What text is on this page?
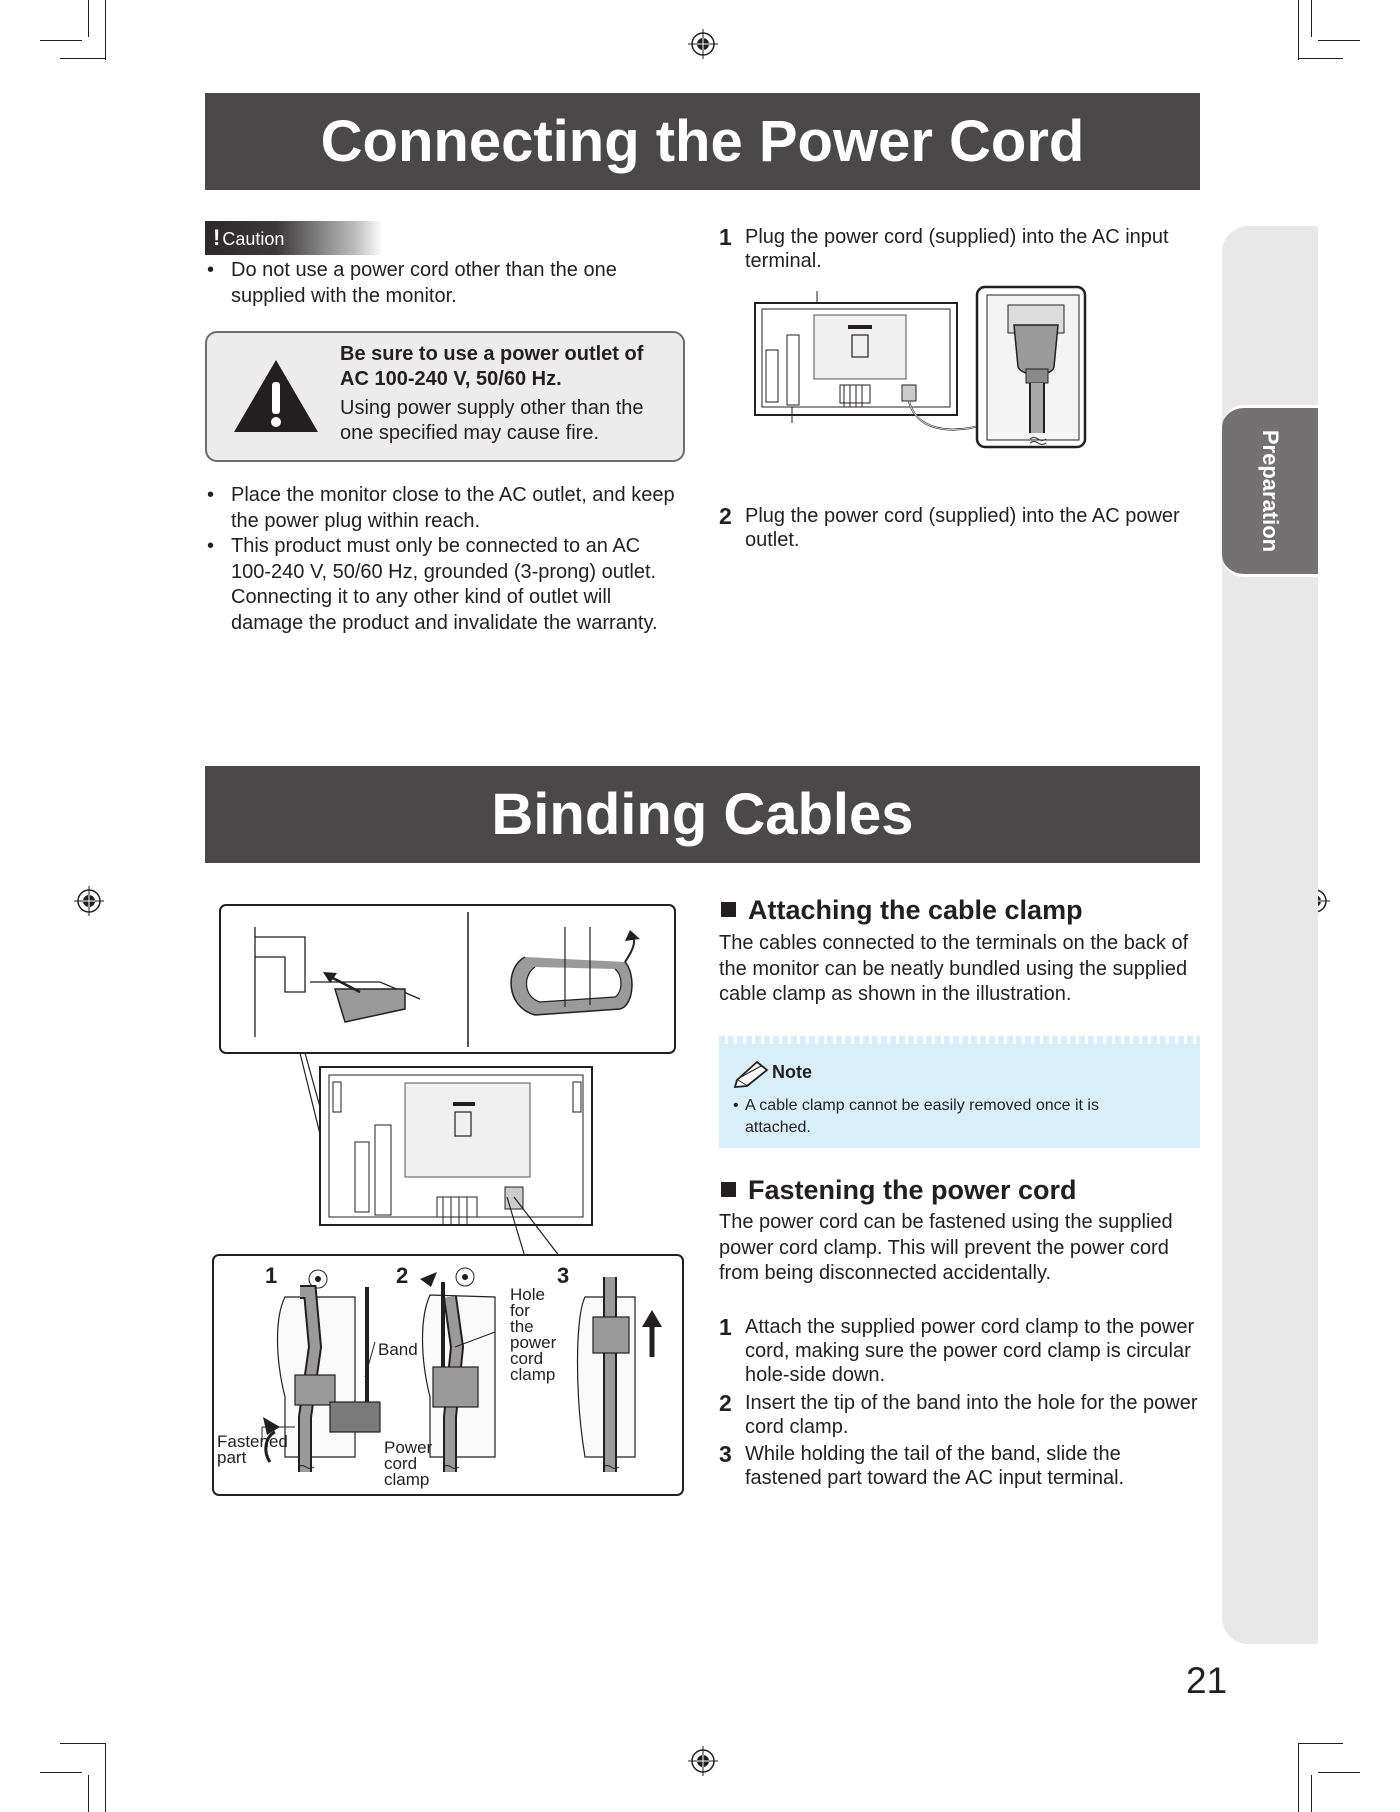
Preparation
Connecting the Power Cord
! Caution
• Do not use a power cord other than the one supplied with the monitor.
Be sure to use a power outlet of
AC 100-240 V, 50/60 Hz.
Using power supply other than the one specified may cause fire.
• Place the monitor close to the AC outlet, and keep the power plug within reach.
• This product must only be connected to an AC 100-240 V, 50/60 Hz, grounded (3-prong) outlet. Connecting it to any other kind of outlet will damage the product and invalidate the warranty.
1 Plug the power cord (supplied) into the AC input terminal.
2 Plug the power cord (supplied) into the AC power outlet.
Binding Cables
1	2	3
Band
Hole
for
the
power
cord
clamp
Fastened
part
Power
cord
clamp
Attaching the cable clamp
The cables connected to the terminals on the back of the monitor can be neatly bundled using the supplied cable clamp as shown in the illustration.
Note
• A cable clamp cannot be easily removed once it is attached.
Fastening the power cord
The power cord can be fastened using the supplied power cord clamp. This will prevent the power cord from being disconnected accidentally.
1 Attach the supplied power cord clamp to the power cord, making sure the power cord clamp is circular hole-side down.
2 Insert the tip of the band into the hole for the power cord clamp.
3 While holding the tail of the band, slide the fastened part toward the AC input terminal.
21
